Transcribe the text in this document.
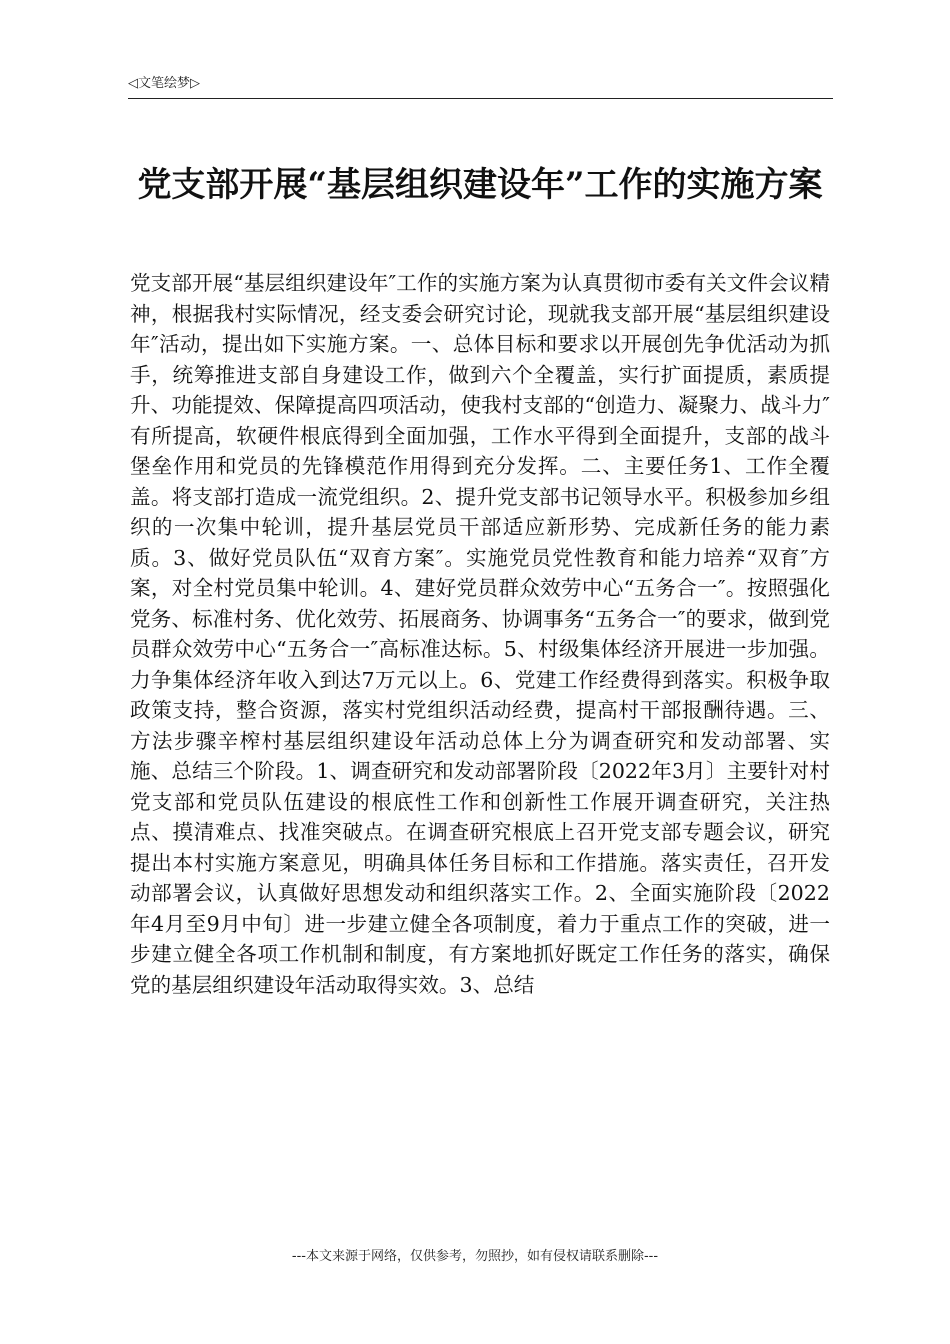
◁文笔绘梦▷
党支部开展“基层组织建设年”工作的实施方案

党支部开展“基层组织建设年″工作的实施方案为认真贯彻市委有关文件会议精神，根据我村实际情况，经支委会研究讨论，现就我支部开展“基层组织建设年″活动，提出如下实施方案。一、总体目标和要求以开展创先争优活动为抓手，统筹推进支部自身建设工作，做到六个全覆盖，实行扩面提质，素质提升、功能提效、保障提高四项活动，使我村支部的“创造力、凝聚力、战斗力″有所提高，软硬件根底得到全面加强，工作水平得到全面提升，支部的战斗堡垒作用和党员的先锋模范作用得到充分发挥。二、主要任务1、工作全覆盖。将支部打造成一流党组织。2、提升党支部书记领导水平。积极参加乡组织的一次集中轮训，提升基层党员干部适应新形势、完成新任务的能力素质。3、做好党员队伍“双育方案″。实施党员党性教育和能力培养“双育″方案，对全村党员集中轮训。4、建好党员群众效劳中心“五务合一″。按照强化党务、标准村务、优化效劳、拓展商务、协调事务“五务合一″的要求，做到党员群众效劳中心“五务合一″高标准达标。5、村级集体经济开展进一步加强。力争集体经济年收入到达7万元以上。6、党建工作经费得到落实。积极争取政策支持，整合资源，落实村党组织活动经费，提高村干部报酬待遇。三、方法步骤辛榨村基层组织建设年活动总体上分为调查研究和发动部署、实施、总结三个阶段。1、调查研究和发动部署阶段〔2022年3月〕主要针对村党支部和党员队伍建设的根底性工作和创新性工作展开调查研究，关注热点、摸清难点、找准突破点。在调查研究根底上召开党支部专题会议，研究提出本村实施方案意见，明确具体任务目标和工作措施。落实责任，召开发动部署会议，认真做好思想发动和组织落实工作。2、全面实施阶段〔2022年4月至9月中旬〕进一步建立健全各项制度，着力于重点工作的突破，进一步建立健全各项工作机制和制度，有方案地抓好既定工作任务的落实，确保党的基层组织建设年活动取得实效。3、总结

---本文来源于网络，仅供参考，勿照抄，如有侵权请联系删除---
